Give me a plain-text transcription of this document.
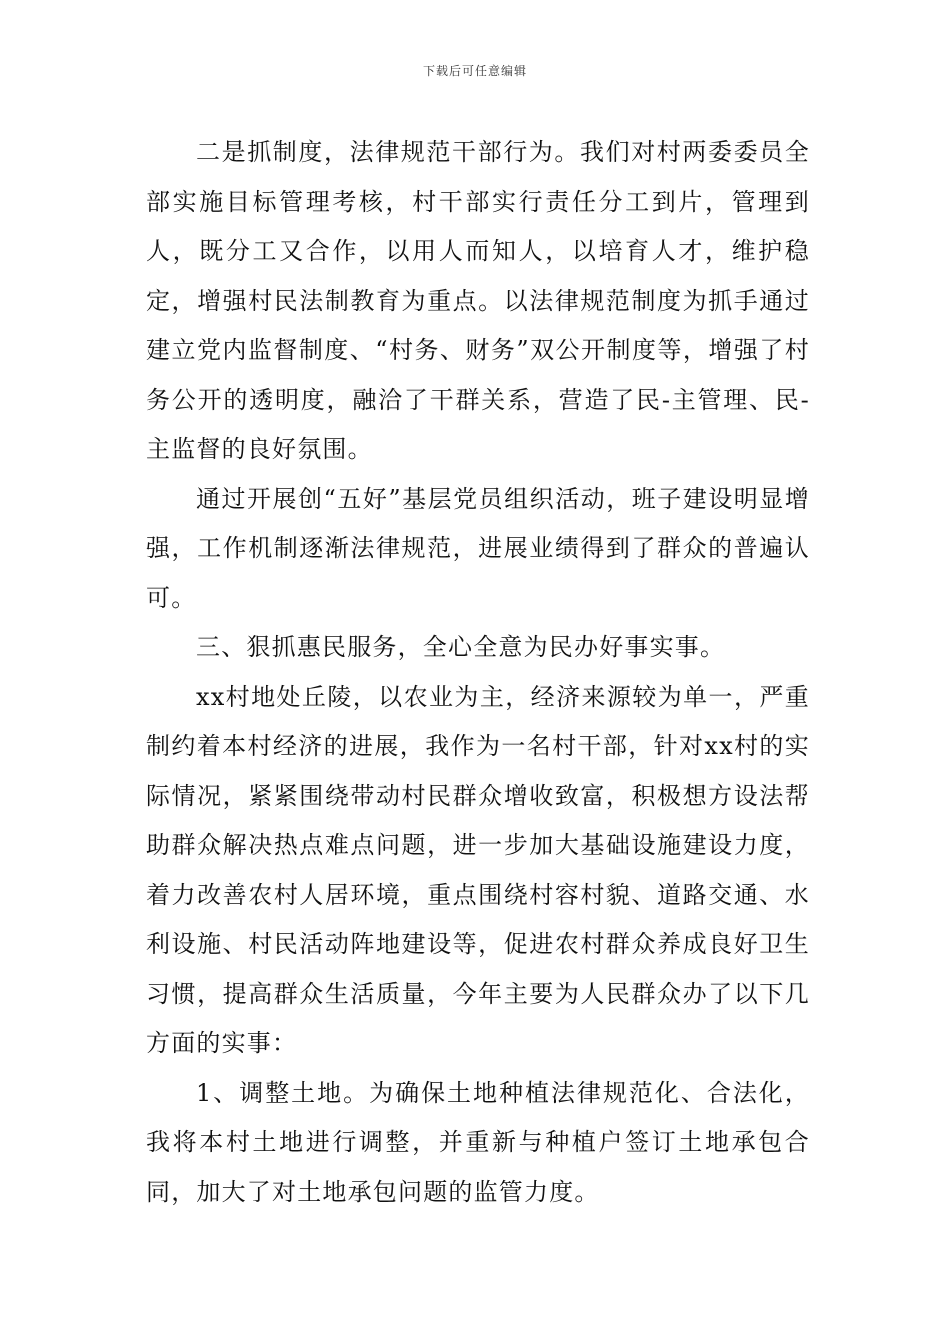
下载后可任意编辑

二是抓制度，法律规范干部行为。我们对村两委委员全部实施目标管理考核，村干部实行责任分工到片，管理到人，既分工又合作，以用人而知人，以培育人才，维护稳定，增强村民法制教育为重点。以法律规范制度为抓手通过建立党内监督制度、“村务、财务”双公开制度等，增强了村务公开的透明度，融洽了干群关系，营造了民-主管理、民-主监督的良好氛围。

通过开展创“五好”基层党员组织活动，班子建设明显增强，工作机制逐渐法律规范，进展业绩得到了群众的普遍认可。

三、狠抓惠民服务，全心全意为民办好事实事。

xx村地处丘陵，以农业为主，经济来源较为单一，严重制约着本村经济的进展，我作为一名村干部，针对xx村的实际情况，紧紧围绕带动村民群众增收致富，积极想方设法帮助群众解决热点难点问题，进一步加大基础设施建设力度，着力改善农村人居环境，重点围绕村容村貌、道路交通、水利设施、村民活动阵地建设等，促进农村群众养成良好卫生习惯，提高群众生活质量，今年主要为人民群众办了以下几方面的实事：

1、调整土地。为确保土地种植法律规范化、合法化，我将本村土地进行调整，并重新与种植户签订土地承包合同，加大了对土地承包问题的监管力度。
